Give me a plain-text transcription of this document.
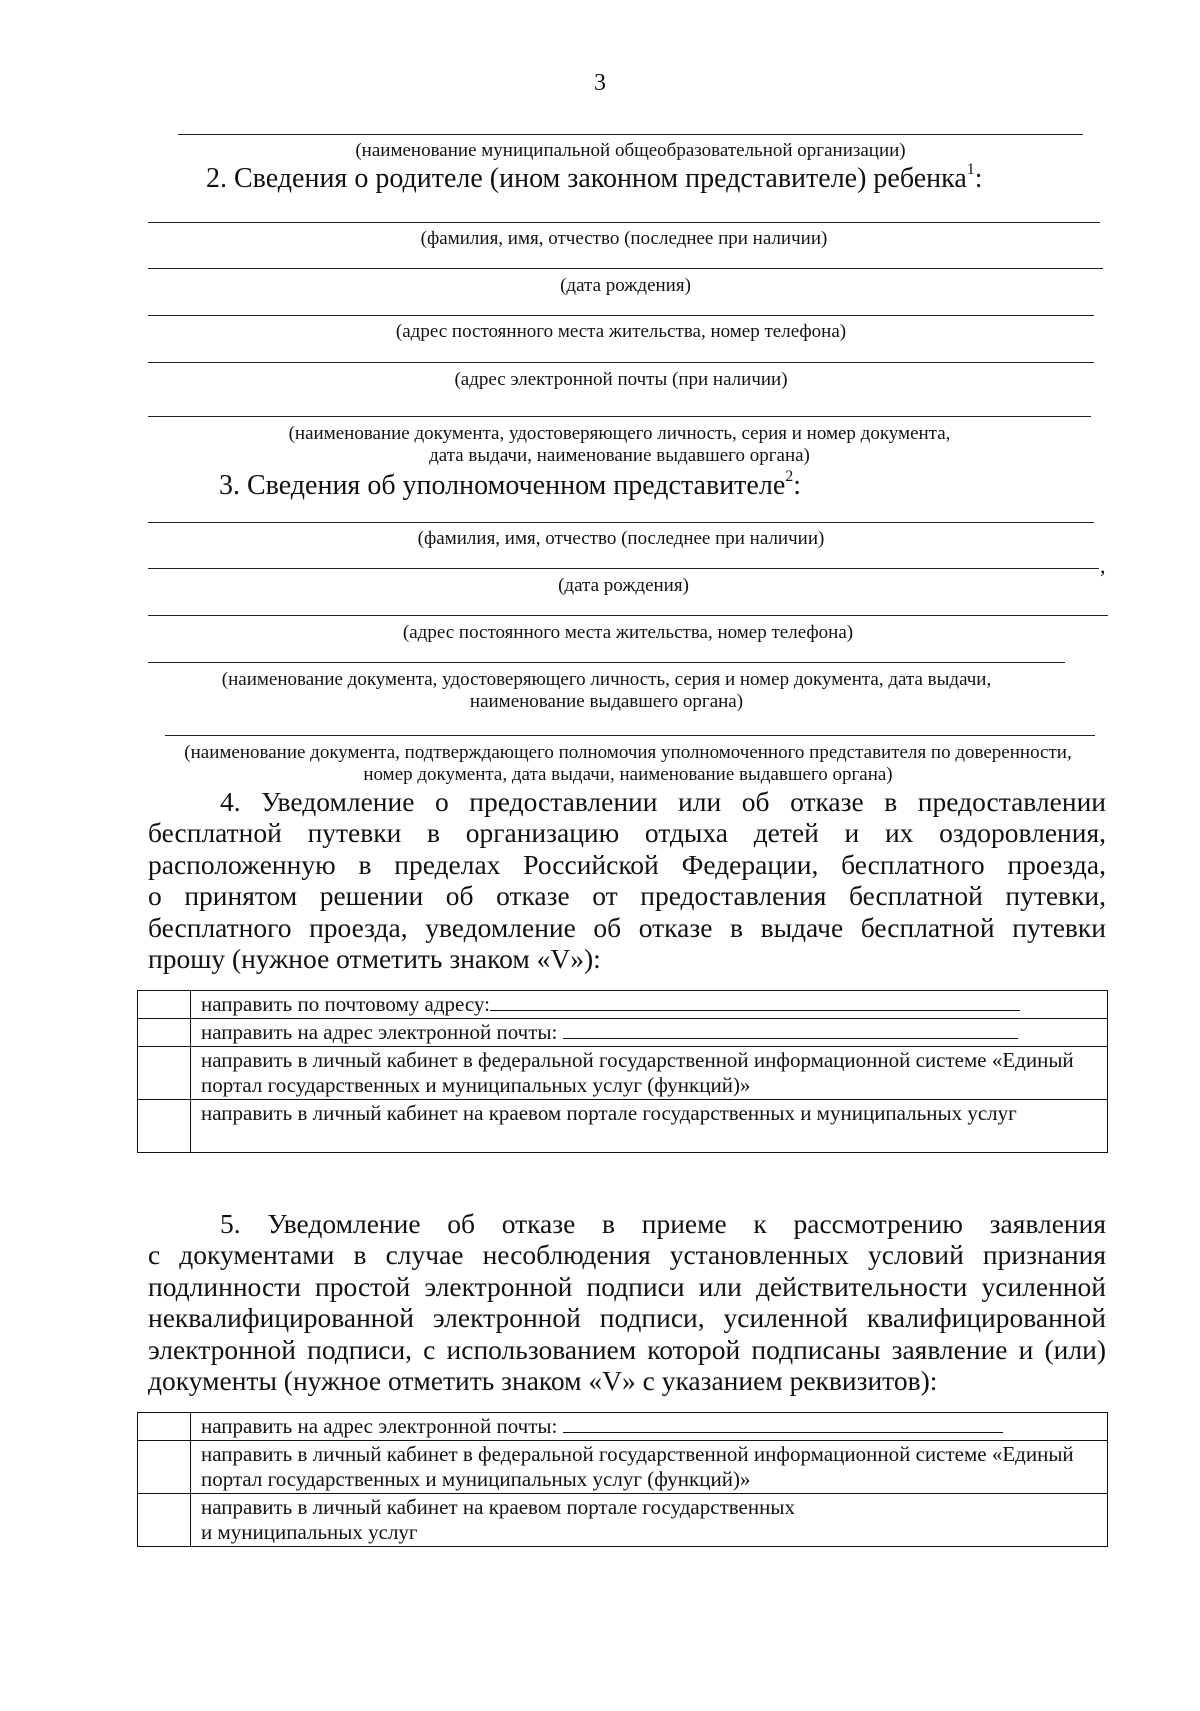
3
(наименование муниципальной общеобразовательной организации)
2. Сведения о родителе (ином законном представителе) ребенка$^1$:
(фамилия, имя, отчество (последнее при наличии)
(дата рождения)
(адрес постоянного места жительства, номер телефона)
(адрес электронной почты (при наличии)
(наименование документа, удостоверяющего личность, серия и номер документа,
дата выдачи, наименование выдавшего органа)
3. Сведения об уполномоченном представителе$^2$:
(фамилия, имя, отчество (последнее при наличии)
,
(дата рождения)
(адрес постоянного места жительства, номер телефона)
(наименование документа, удостоверяющего личность, серия и номер документа, дата выдачи,
наименование выдавшего органа)
(наименование документа, подтверждающего полномочия уполномоченного представителя по доверенности,
номер документа, дата выдачи, наименование выдавшего органа)
4. Уведомление о предоставлении или об отказе в предоставлении
бесплатной путевки в организацию отдыха детей и их оздоровления,
расположенную в пределах Российской Федерации, бесплатного проезда,
о принятом решении об отказе от предоставления бесплатной путевки,
бесплатного проезда, уведомление об отказе в выдаче бесплатной путевки
прошу (нужное отметить знаком «V»):
	направить по почтовому адресу:
	направить на адрес электронной почты:
	направить в личный кабинет в федеральной государственной информационной системе «Единый портал государственных и муниципальных услуг (функций)»
	направить в личный кабинет на краевом портале государственных и муниципальных услуг
5. Уведомление об отказе в приеме к рассмотрению заявления
с документами в случае несоблюдения установленных условий признания
подлинности простой электронной подписи или действительности усиленной
неквалифицированной электронной подписи, усиленной квалифицированной
электронной подписи, с использованием которой подписаны заявление и (или)
документы (нужное отметить знаком «V» с указанием реквизитов):
	направить на адрес электронной почты:
	направить в личный кабинет в федеральной государственной информационной системе «Единый портал государственных и муниципальных услуг (функций)»

	направить в личный кабинет на краевом портале государственных
и муниципальных услуг
